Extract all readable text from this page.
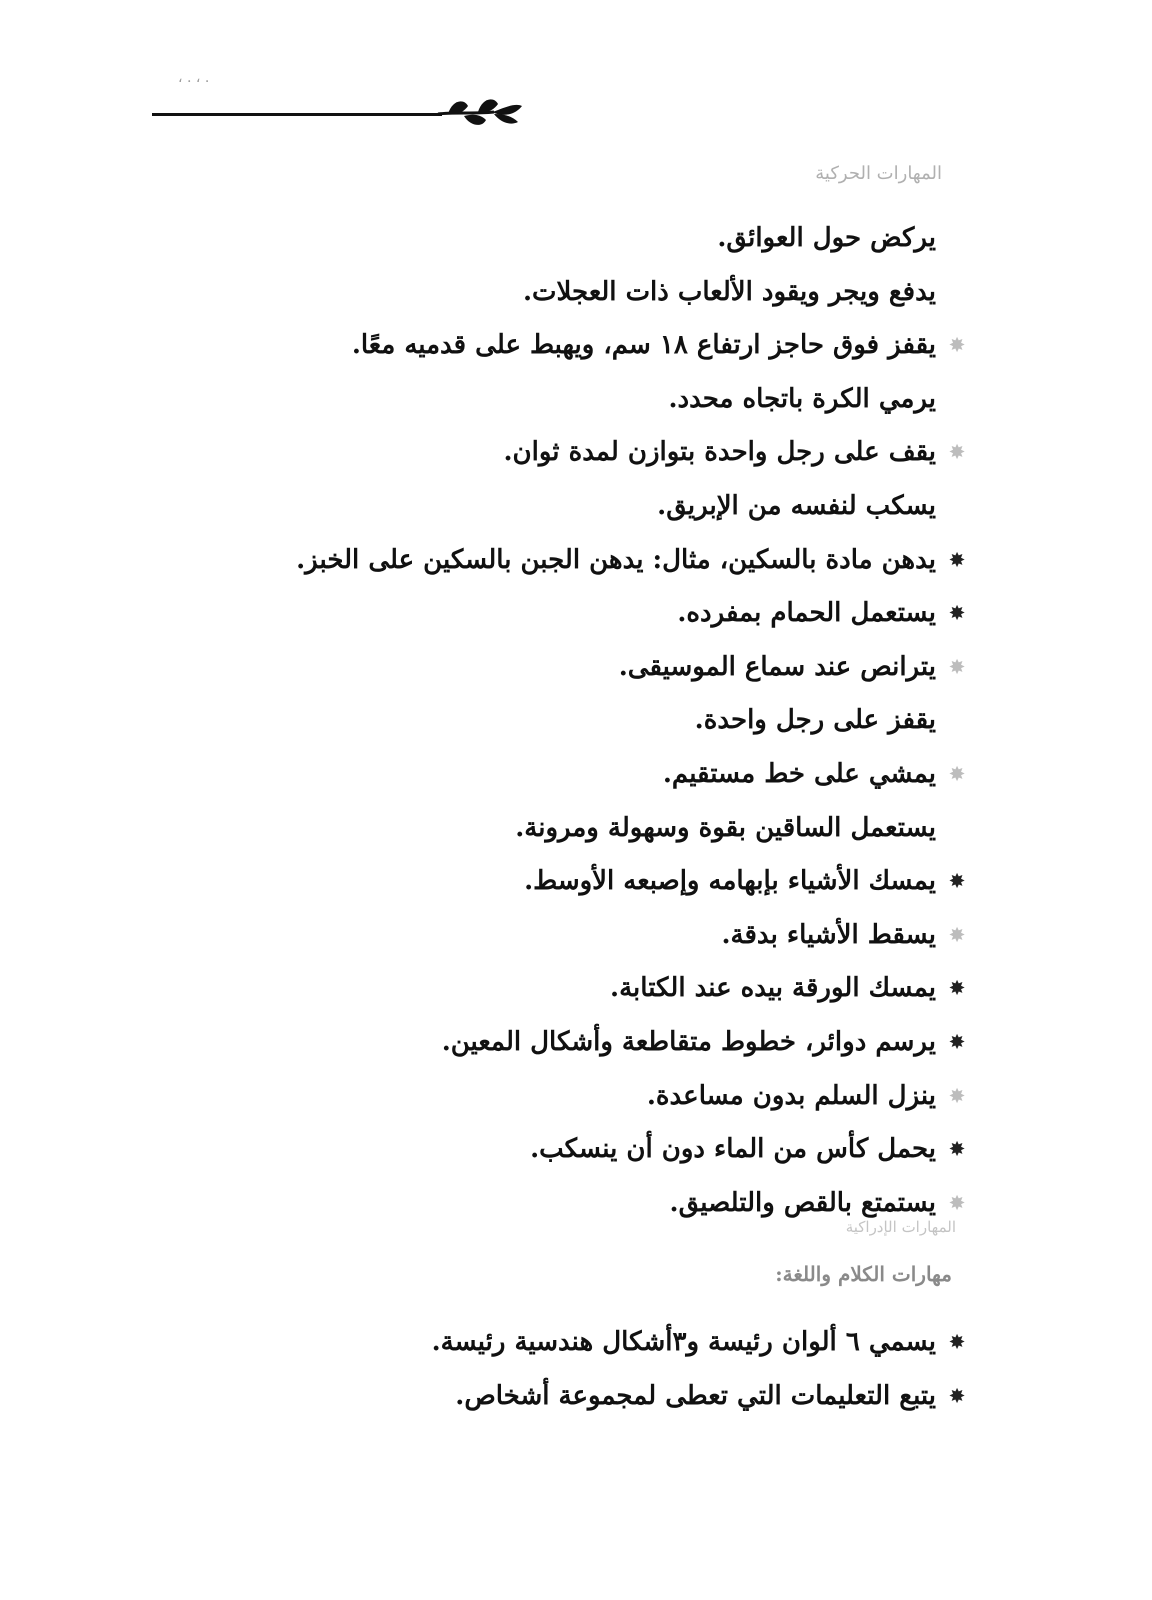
، . ، .
المهارات الحركية
يركض حول العوائق.
يدفع ويجر ويقود الألعاب ذات العجلات.
✸
يقفز فوق حاجز ارتفاع ١٨ سم، ويهبط على قدميه معًا.
يرمي الكرة باتجاه محدد.
✸
يقف على رجل واحدة بتوازن لمدة ثوان.
يسكب لنفسه من الإبريق.
✸
يدهن مادة بالسكين، مثال: يدهن الجبن بالسكين على الخبز.
✸
يستعمل الحمام بمفرده.
✸
يترانص عند سماع الموسيقى.
يقفز على رجل واحدة.
✸
يمشي على خط مستقيم.
يستعمل الساقين بقوة وسهولة ومرونة.
✸
يمسك الأشياء بإبهامه وإصبعه الأوسط.
✸
يسقط الأشياء بدقة.
✸
يمسك الورقة بيده عند الكتابة.
✸
يرسم دوائر، خطوط متقاطعة وأشكال المعين.
✸
ينزل السلم بدون مساعدة.
✸
يحمل كأس من الماء دون أن ينسكب.
✸
يستمتع بالقص والتلصيق.
المهارات الإدراكية
مهارات الكلام واللغة:
✸
يسمي ٦ ألوان رئيسة و٣أشكال هندسية رئيسة.
✸
يتبع التعليمات التي تعطى لمجموعة أشخاص.
